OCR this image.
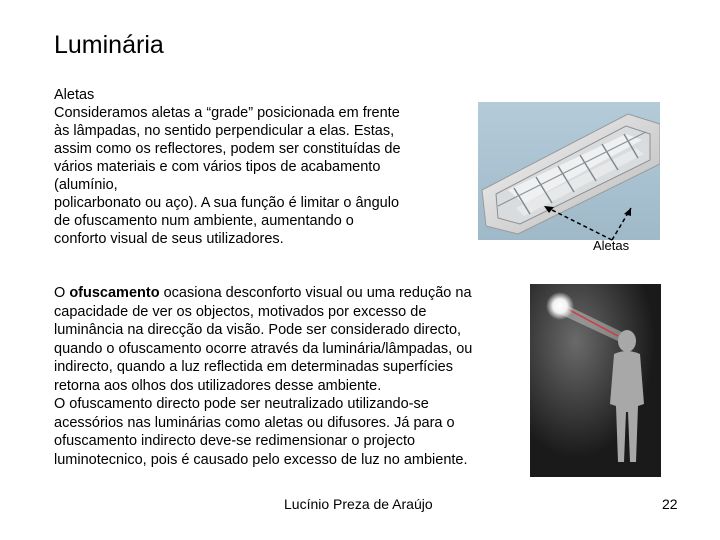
Luminária
Aletas
Consideramos aletas a “grade” posicionada em frente
às lâmpadas, no sentido perpendicular a elas. Estas,
assim como os reflectores, podem ser constituídas de
vários materiais e com vários tipos de acabamento
(alumínio,
policarbonato ou aço). A sua função é limitar o ângulo
de ofuscamento num ambiente, aumentando o
conforto visual de seus utilizadores.
O ofuscamento ocasiona desconforto visual ou uma redução na
capacidade de ver os objectos, motivados por excesso de
luminância na direcção da visão. Pode ser considerado directo,
quando o ofuscamento ocorre através da luminária/lâmpadas, ou
indirecto, quando a luz reflectida em determinadas superfícies
retorna aos olhos dos utilizadores desse ambiente.
O ofuscamento directo pode ser neutralizado utilizando-se
acessórios nas luminárias como aletas ou difusores. Já para o
ofuscamento indirecto deve-se redimensionar o projecto
luminotecnico, pois é causado pelo excesso de luz no ambiente.
Aletas
Lucínio Preza de Araújo	22
